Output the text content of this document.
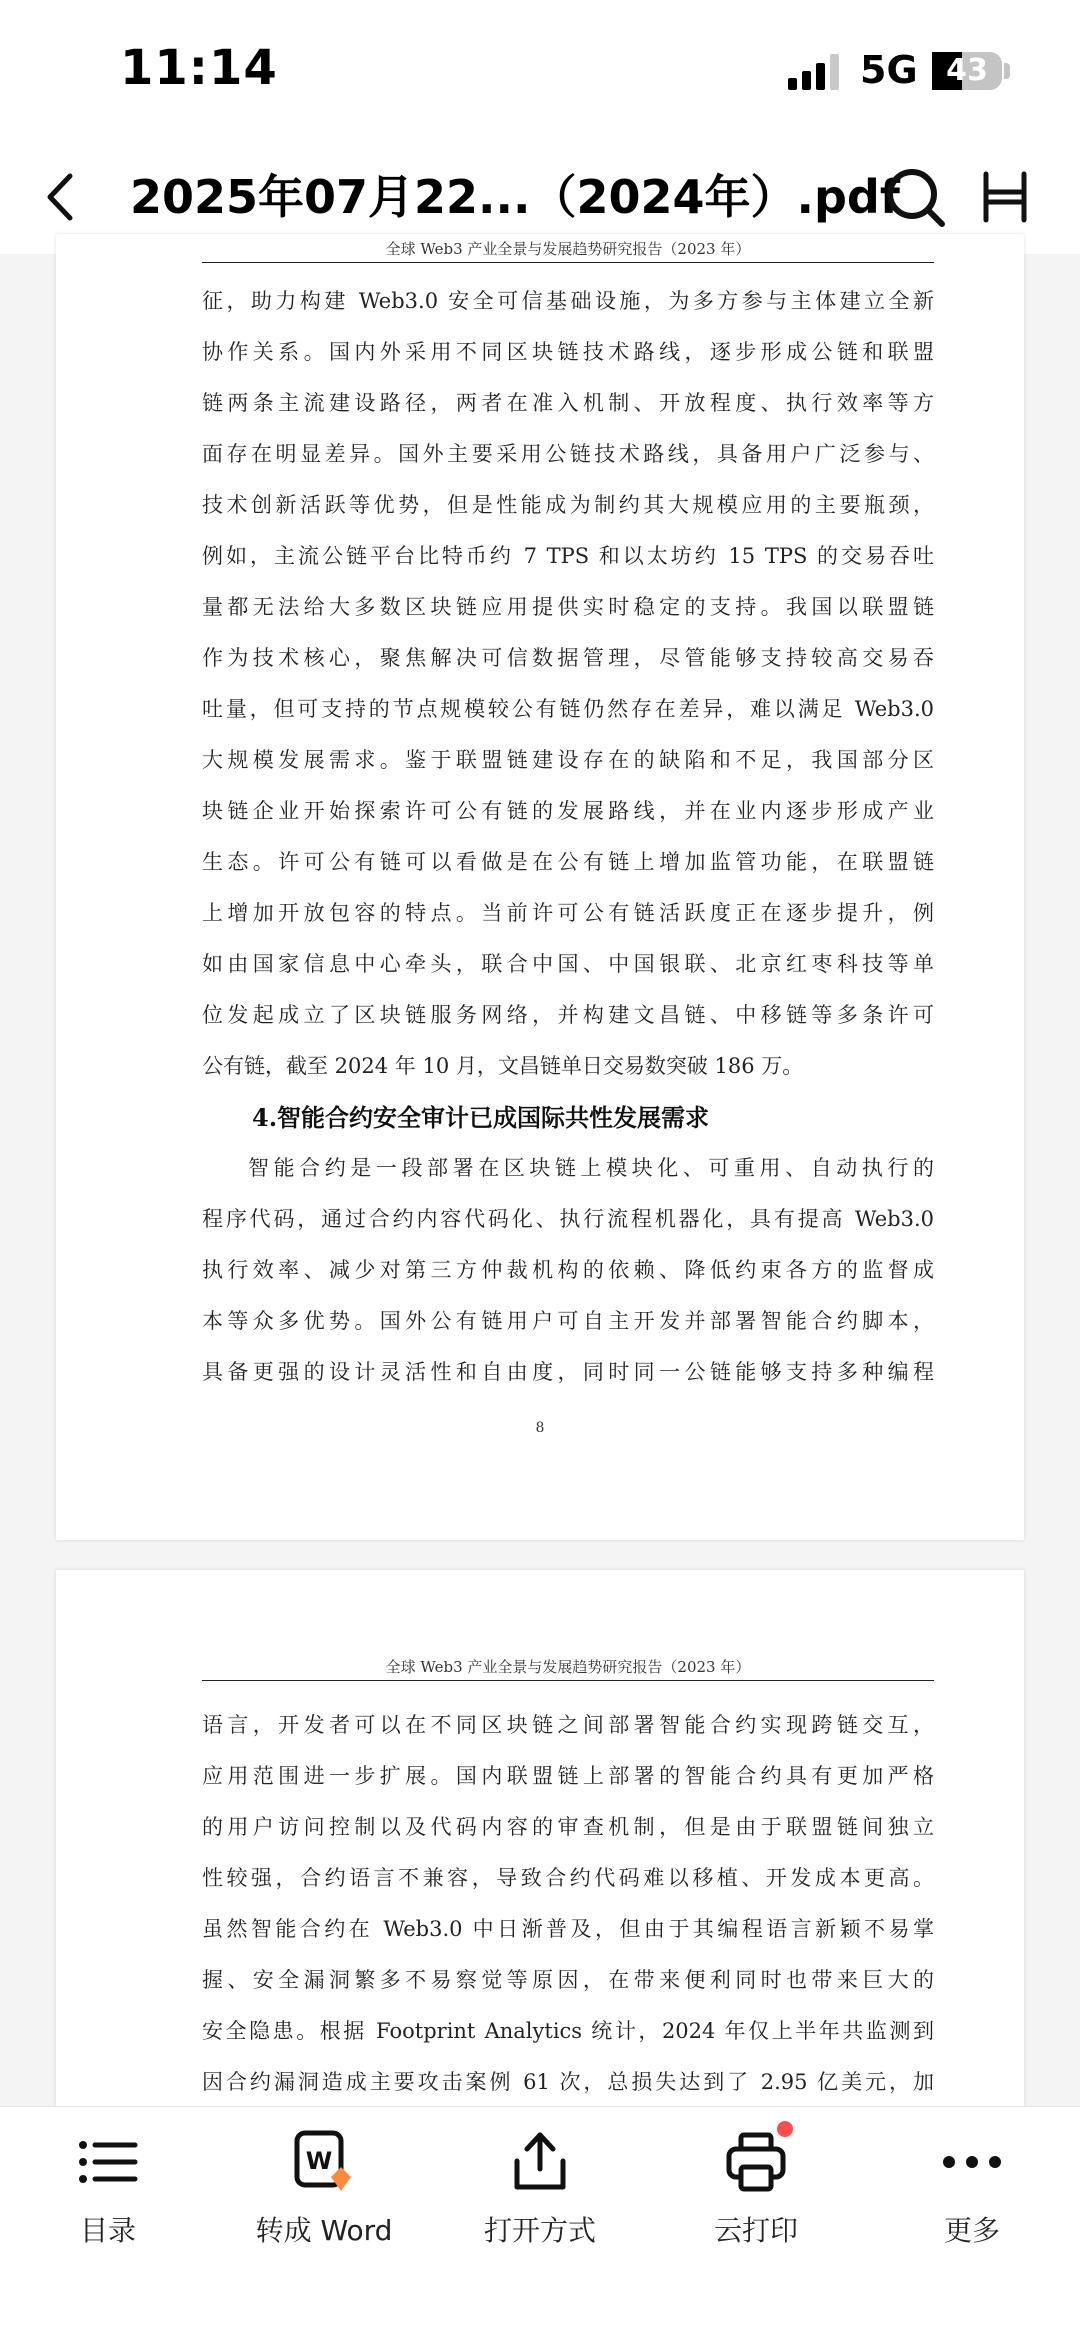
11:14	5G 43
2025年07月22...（2024年）.pdf
全球 Web3 产业全景与发展趋势研究报告（2023 年）
征，助力构建 Web3.0 安全可信基础设施，为多方参与主体建立全新
协作关系。国内外采用不同区块链技术路线，逐步形成公链和联盟
链两条主流建设路径，两者在准入机制、开放程度、执行效率等方
面存在明显差异。国外主要采用公链技术路线，具备用户广泛参与、
技术创新活跃等优势，但是性能成为制约其大规模应用的主要瓶颈，
例如，主流公链平台比特币约 7 TPS 和以太坊约 15 TPS 的交易吞吐
量都无法给大多数区块链应用提供实时稳定的支持。我国以联盟链
作为技术核心，聚焦解决可信数据管理，尽管能够支持较高交易吞
吐量，但可支持的节点规模较公有链仍然存在差异，难以满足 Web3.0
大规模发展需求。鉴于联盟链建设存在的缺陷和不足，我国部分区
块链企业开始探索许可公有链的发展路线，并在业内逐步形成产业
生态。许可公有链可以看做是在公有链上增加监管功能，在联盟链
上增加开放包容的特点。当前许可公有链活跃度正在逐步提升，例
如由国家信息中心牵头，联合中国、中国银联、北京红枣科技等单
位发起成立了区块链服务网络，并构建文昌链、中移链等多条许可
公有链，截至 2024 年 10 月，文昌链单日交易数突破 186 万。
4.智能合约安全审计已成国际共性发展需求
智能合约是一段部署在区块链上模块化、可重用、自动执行的
程序代码，通过合约内容代码化、执行流程机器化，具有提高 Web3.0
执行效率、减少对第三方仲裁机构的依赖、降低约束各方的监督成
本等众多优势。国外公有链用户可自主开发并部署智能合约脚本，
具备更强的设计灵活性和自由度，同时同一公链能够支持多种编程
8
全球 Web3 产业全景与发展趋势研究报告（2023 年）
语言，开发者可以在不同区块链之间部署智能合约实现跨链交互，
应用范围进一步扩展。国内联盟链上部署的智能合约具有更加严格
的用户访问控制以及代码内容的审查机制，但是由于联盟链间独立
性较强，合约语言不兼容，导致合约代码难以移植、开发成本更高。
虽然智能合约在 Web3.0 中日渐普及，但由于其编程语言新颖不易掌
握、安全漏洞繁多不易察觉等原因，在带来便利同时也带来巨大的
安全隐患。根据 Footprint Analytics 统计，2024 年仅上半年共监测到
因合约漏洞造成主要攻击案例 61 次，总损失达到了 2.95 亿美元，加
目录
W
转成 Word	打开方式	云打印	更多
